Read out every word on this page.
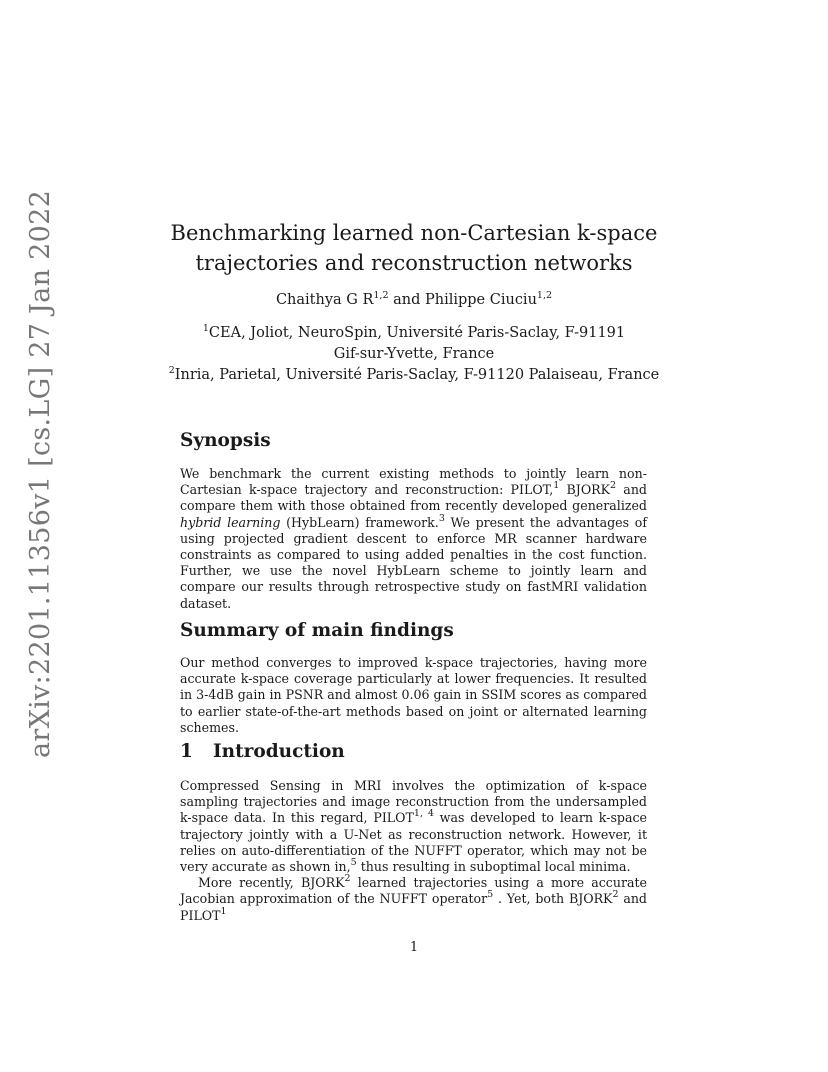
arXiv:2201.11356v1 [cs.LG] 27 Jan 2022	Benchmarking learned non-Cartesian k-space
trajectories and reconstruction networks
Chaithya G R$^{1,2}$ and Philippe Ciuciu$^{1,2}$
$^1$CEA, Joliot, NeuroSpin, Université Paris-Saclay, F-91191
Gif-sur-Yvette, France
$^2$Inria, Parietal, Université Paris-Saclay, F-91120 Palaiseau, France
Synopsis

We benchmark the current existing methods to jointly learn non-Cartesian k-space trajectory and reconstruction: PILOT,$^1$ BJORK$^2$ and compare them with those obtained from recently developed generalized hybrid learning (HybLearn) framework.$^3$ We present the advantages of using projected gradient descent to enforce MR scanner hardware constraints as compared to using added penalties in the cost function. Further, we use the novel HybLearn scheme to jointly learn and compare our results through retrospective study on fastMRI validation dataset.

Summary of main findings

Our method converges to improved k-space trajectories, having more accurate k-space coverage particularly at lower frequencies. It resulted in 3-4dB gain in PSNR and almost 0.06 gain in SSIM scores as compared to earlier state-of-the-art methods based on joint or alternated learning schemes.

1 Introduction

Compressed Sensing in MRI involves the optimization of k-space sampling trajectories and image reconstruction from the undersampled k-space data. In this regard, PILOT$^{1, 4}$ was developed to learn k-space trajectory jointly with a U-Net as reconstruction network. However, it relies on auto-differentiation of the NUFFT operator, which may not be very accurate as shown in,$^5$ thus resulting in suboptimal local minima.

More recently, BJORK$^2$ learned trajectories using a more accurate Jacobian approximation of the NUFFT operator$^5$ . Yet, both BJORK$^2$ and PILOT$^1$

1
